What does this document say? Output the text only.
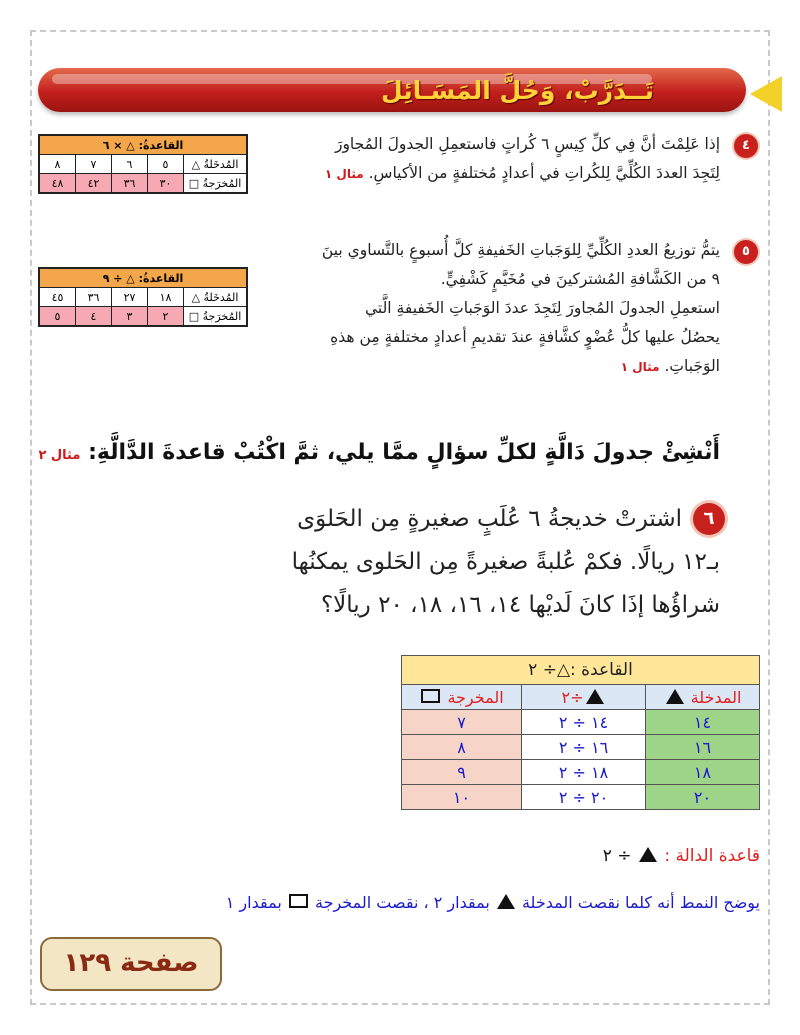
تَــدَرَّبْ، وَحُلَّ المَسَـائِلَ
٤
إذا عَلِمْتَ أنَّ فِي كلِّ كِيسٍ ٦ كُراتٍ فاستعمِلِ الجدولَ المُجاورَ
لِتَجِدَ العددَ الكُلِّيَّ لِلكُراتِ في أعدادٍ مُختلفةٍ من الأكياسِ. مثال ١
القاعدةُ: △ × ٦				
المُدخَلةُ △	٥	٦	٧	٨
المُخرَجةُ □	٣٠	٣٦	٤٢	٤٨
٥
يتمُّ توزيعُ العددِ الكُلِّيِّ لِلوَجَباتِ الخَفيفةِ كلَّ أُسبوعٍ بالتَّساوي بينَ
٩ من الكَشَّافةِ المُشتركينَ في مُخَيَّمٍ كَشْفِيٍّ.
استعمِلِ الجدولَ المُجاورَ لِتَجِدَ عددَ الوَجَباتِ الخَفيفةِ الَّتي
يحصُلُ عليها كلُّ عُضْوٍ كشَّافةٍ عندَ تقديمِ أعدادٍ مختلفةٍ مِن هذهِ
الوَجَباتِ. مثال ١
القاعدةُ: △ ÷ ٩				
المُدخَلةُ △	١٨	٢٧	٣٦	٤٥
المُخرَجةُ □	٢	٣	٤	٥
أَنْشِئْ جدولَ دَالَّةٍ لكلِّ سؤالٍ ممَّا يلي، ثمَّ اكْتُبْ قاعدةَ الدَّالَّةِ: مثال ٢
٦
اشترتْ خديجةُ ٦ عُلَبٍ صغيرةٍ مِن الحَلوَى
بـ١٢ ريالًا. فكمْ عُلبةً صغيرةً مِن الحَلوى يمكنُها
شراؤُها إذَا كانَ لَديْها ١٤، ١٦، ١٨، ٢٠ ريالًا؟
القاعدة :△÷ ٢		
المدخلة	÷٢	المخرجة
١٤	١٤ ÷ ٢	٧
١٦	١٦ ÷ ٢	٨
١٨	١٨ ÷ ٢	٩
٢٠	٢٠ ÷ ٢	١٠
قاعدة الدالة :  ÷ ٢
يوضح النمط أنه كلما نقصت المدخلة  بمقدار ٢ ، نقصت المخرجة  بمقدار ١
صفحة ١٢٩
